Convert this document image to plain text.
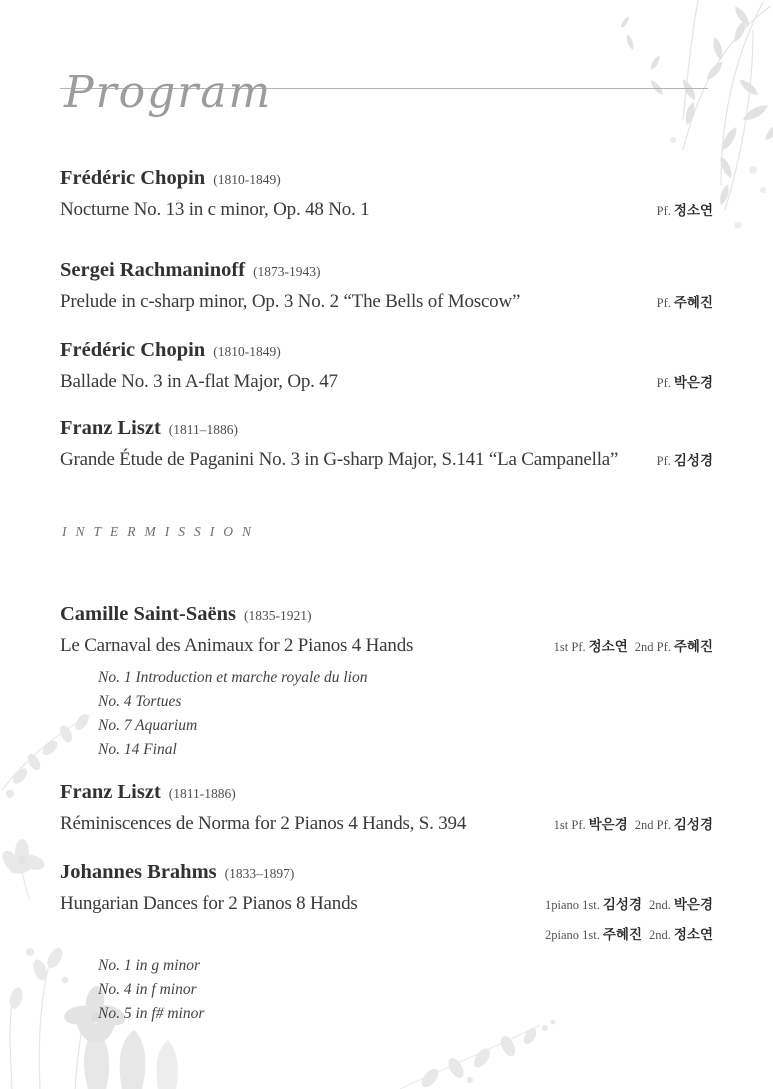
Program
INTERMISSION
Frédéric Chopin (1810-1849)
Nocturne No. 13 in c minor, Op. 48 No. 1	Pf. 정소연
Sergei Rachmaninoff (1873-1943)
Prelude in c-sharp minor, Op. 3 No. 2 “The Bells of Moscow”	Pf. 주혜진
Frédéric Chopin (1810-1849)
Ballade No. 3 in A-flat Major, Op. 47	Pf. 박은경
Franz Liszt (1811–1886)
Grande Étude de Paganini No. 3 in G-sharp Major, S.141 “La Campanella”	Pf. 김성경
Camille Saint-Saëns (1835-1921)
Le Carnaval des Animaux for 2 Pianos 4 Hands	1st Pf. 정소연 2nd Pf. 주혜진
No. 1 Introduction et marche royale du lion
No. 4 Tortues
No. 7 Aquarium
No. 14 Final
Franz Liszt (1811-1886)
Réminiscences de Norma for 2 Pianos 4 Hands, S. 394	1st Pf. 박은경 2nd Pf. 김성경
Johannes Brahms (1833–1897)
Hungarian Dances for 2 Pianos 8 Hands	1piano 1st. 김성경 2nd. 박은경
2piano 1st. 주혜진 2nd. 정소연
No. 1 in g minor
No. 4 in f minor
No. 5 in f# minor
